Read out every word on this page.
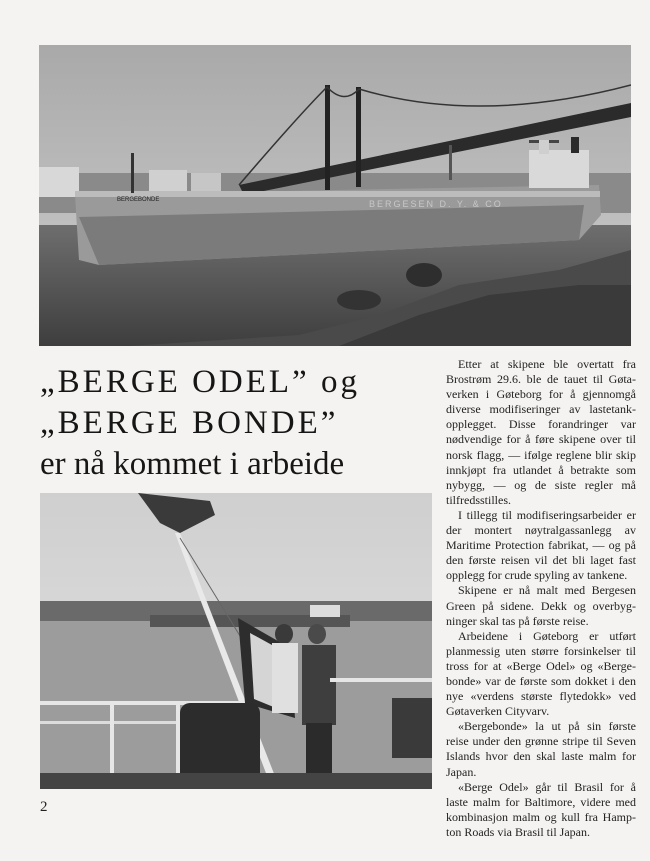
BERGEBONDE	BERGESEN D. Y. & CO
„BERGE ODEL” og
„BERGE BONDE”
er nå kommet i arbeide

Etter at skipene ble overtatt fra Brostrøm 29.6. ble de tauet til Gøtaverken i Gøteborg for å gjennomgå diverse modifiseringer av lastetankopplegget. Disse forandringer var nødvendige for å føre skipene over til norsk flagg, — ifølge reglene blir skip innkjøpt fra utlandet å betrakte som nybygg, — og de siste regler må tilfredsstilles.

I tillegg til modifiseringsarbeider er der montert nøytralgassanlegg av Maritime Protection fabrikat, — og på den første reisen vil det bli laget fast opplegg for crude spyling av tankene.

Skipene er nå malt med Bergesen Green på sidene. Dekk og overbygninger skal tas på første reise.

Arbeidene i Gøteborg er utført planmessig uten større forsinkelser til tross for at «Berge Odel» og «Bergebonde» var de første som dokket i den nye «verdens største flytedokk» ved Gøtaverken Cityvarv.

«Bergebonde» la ut på sin første reise under den grønne stripe til Seven Islands hvor den skal laste malm for Japan.

«Berge Odel» går til Brasil for å laste malm for Baltimore, videre med kombinasjon malm og kull fra Hampton Roads via Brasil til Japan.

2
